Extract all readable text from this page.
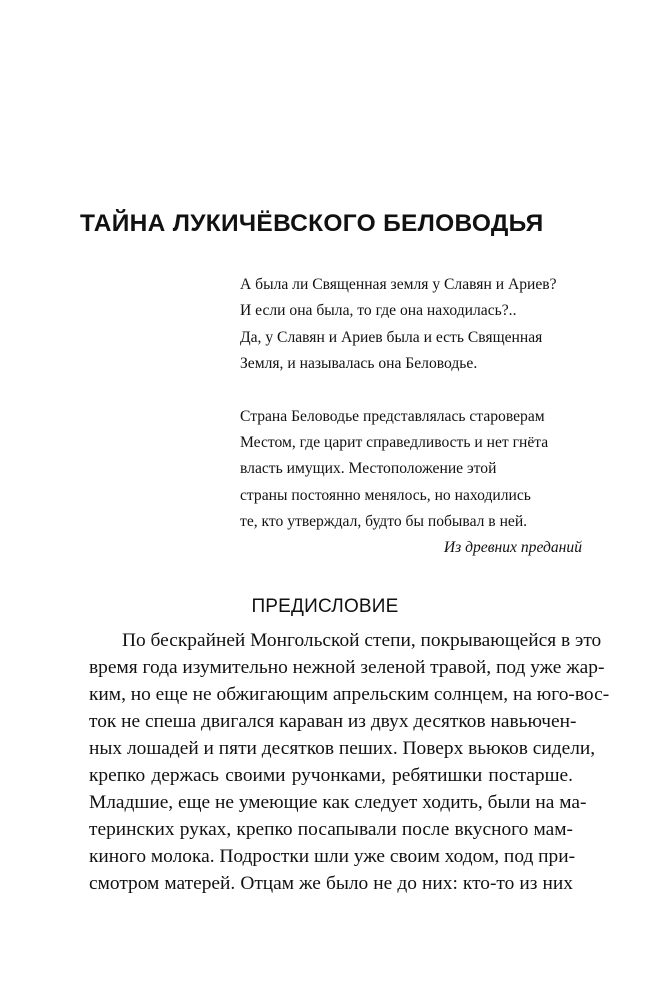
ТАЙНА ЛУКИЧЁВСКОГО БЕЛОВОДЬЯ
А была ли Священная земля у Славян и Ариев?
И если она была, то где она находилась?..
Да, у Славян и Ариев была и есть Священная
Земля, и называлась она Беловодье.
Страна Беловодье представлялась староверам
Местом, где царит справедливость и нет гнёта
власть имущих. Местоположение этой
страны постоянно менялось, но находились
те, кто утверждал, будто бы побывал в ней.
Из древних преданий
ПРЕДИСЛОВИЕ
По бескрайней Монгольской степи, покрывающейся в это
время года изумительно нежной зеленой травой, под уже жар-
ким, но еще не обжигающим апрельским солнцем, на юго-вос-
ток не спеша двигался караван из двух десятков навьючен-
ных лошадей и пяти десятков пеших. Поверх вьюков сидели,
крепко держась своими ручонками, ребятишки постарше.
Младшие, еще не умеющие как следует ходить, были на ма-
теринских руках, крепко посапывали после вкусного мам-
киного молока. Подростки шли уже своим ходом, под при-
смотром матерей. Отцам же было не до них: кто-то из них
